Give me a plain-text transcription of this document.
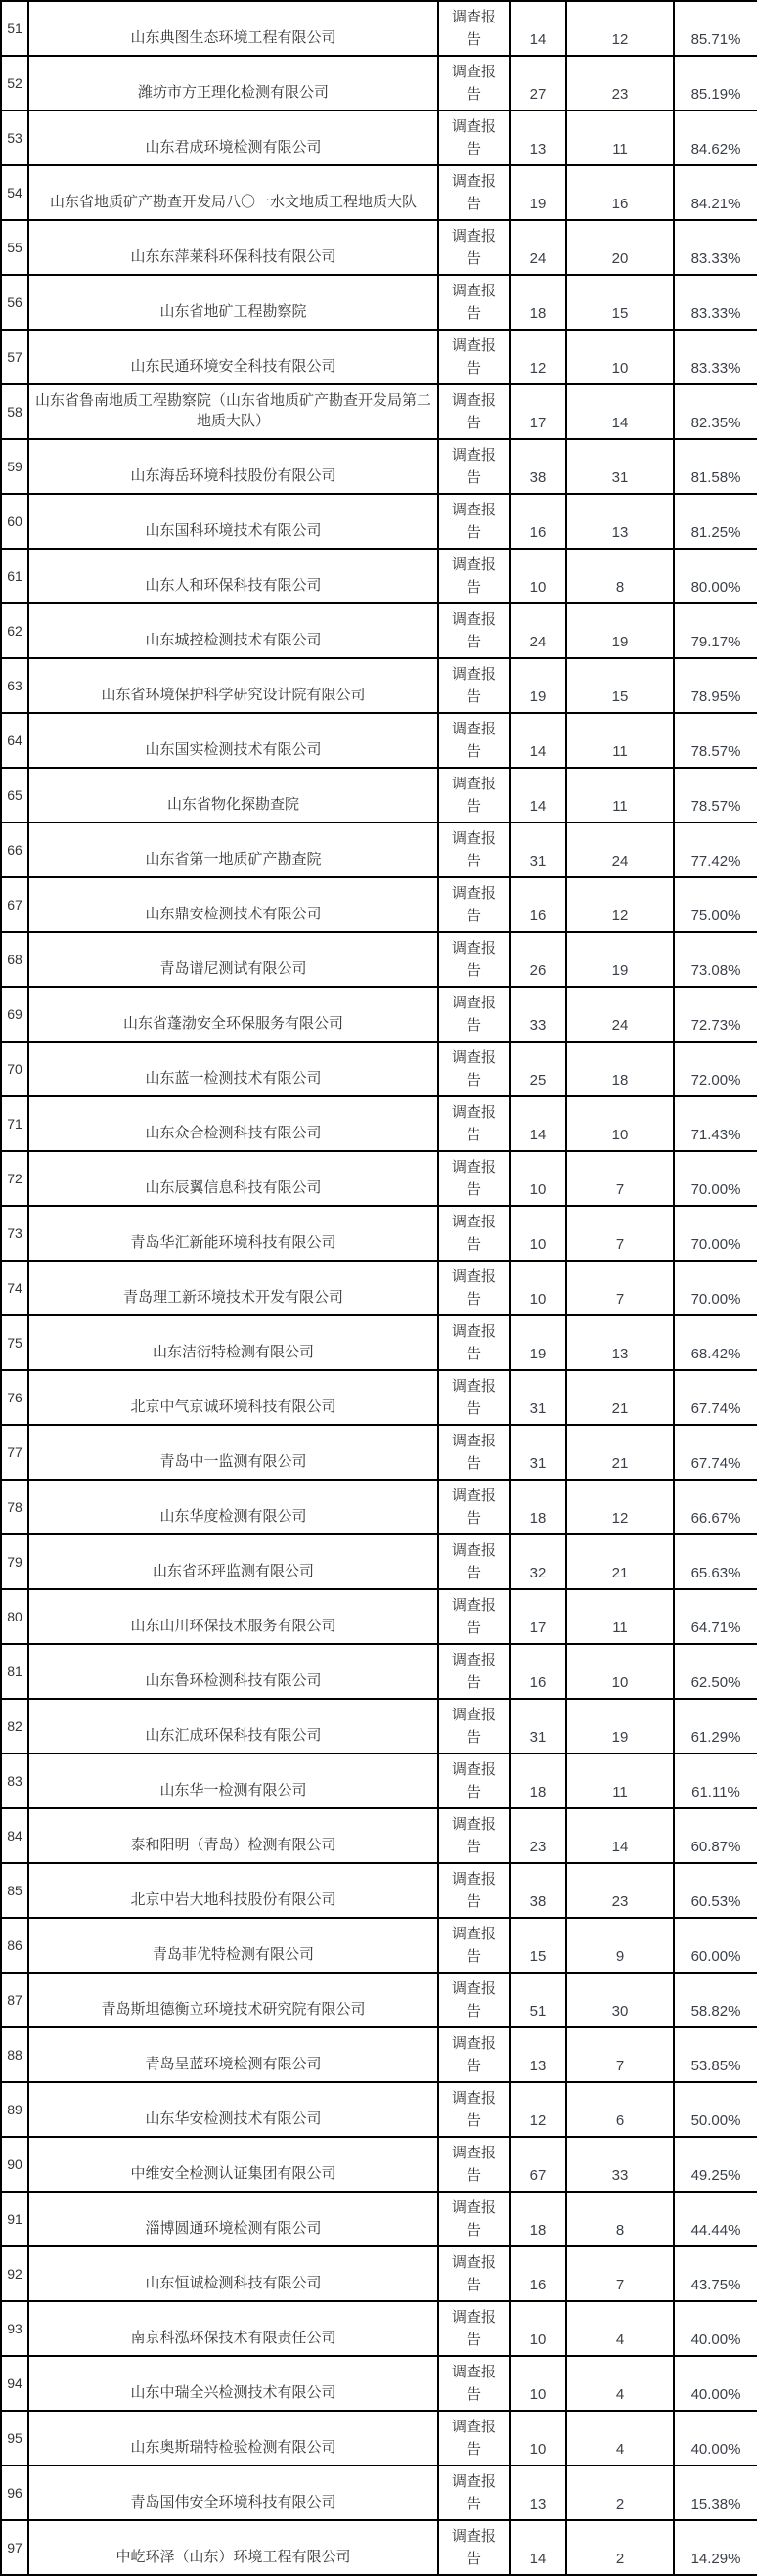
51	山东典图生态环境工程有限公司	调查报告	14	12	85.71%
52	潍坊市方正理化检测有限公司	调查报告	27	23	85.19%
53	山东君成环境检测有限公司	调查报告	13	11	84.62%
54	山东省地质矿产勘查开发局八〇一水文地质工程地质大队	调查报告	19	16	84.21%
55	山东东萍莱科环保科技有限公司	调查报告	24	20	83.33%
56	山东省地矿工程勘察院	调查报告	18	15	83.33%
57	山东民通环境安全科技有限公司	调查报告	12	10	83.33%
58	山东省鲁南地质工程勘察院（山东省地质矿产勘查开发局第二地质大队）	调查报告	17	14	82.35%
59	山东海岳环境科技股份有限公司	调查报告	38	31	81.58%
60	山东国科环境技术有限公司	调查报告	16	13	81.25%
61	山东人和环保科技有限公司	调查报告	10	8	80.00%
62	山东城控检测技术有限公司	调查报告	24	19	79.17%
63	山东省环境保护科学研究设计院有限公司	调查报告	19	15	78.95%
64	山东国实检测技术有限公司	调查报告	14	11	78.57%
65	山东省物化探勘查院	调查报告	14	11	78.57%
66	山东省第一地质矿产勘查院	调查报告	31	24	77.42%
67	山东鼎安检测技术有限公司	调查报告	16	12	75.00%
68	青岛谱尼测试有限公司	调查报告	26	19	73.08%
69	山东省蓬渤安全环保服务有限公司	调查报告	33	24	72.73%
70	山东蓝一检测技术有限公司	调查报告	25	18	72.00%
71	山东众合检测科技有限公司	调查报告	14	10	71.43%
72	山东辰翼信息科技有限公司	调查报告	10	7	70.00%
73	青岛华汇新能环境科技有限公司	调查报告	10	7	70.00%
74	青岛理工新环境技术开发有限公司	调查报告	10	7	70.00%
75	山东洁衍特检测有限公司	调查报告	19	13	68.42%
76	北京中气京诚环境科技有限公司	调查报告	31	21	67.74%
77	青岛中一监测有限公司	调查报告	31	21	67.74%
78	山东华度检测有限公司	调查报告	18	12	66.67%
79	山东省环玶监测有限公司	调查报告	32	21	65.63%
80	山东山川环保技术服务有限公司	调查报告	17	11	64.71%
81	山东鲁环检测科技有限公司	调查报告	16	10	62.50%
82	山东汇成环保科技有限公司	调查报告	31	19	61.29%
83	山东华一检测有限公司	调查报告	18	11	61.11%
84	泰和阳明（青岛）检测有限公司	调查报告	23	14	60.87%
85	北京中岩大地科技股份有限公司	调查报告	38	23	60.53%
86	青岛菲优特检测有限公司	调查报告	15	9	60.00%
87	青岛斯坦德衡立环境技术研究院有限公司	调查报告	51	30	58.82%
88	青岛呈蓝环境检测有限公司	调查报告	13	7	53.85%
89	山东华安检测技术有限公司	调查报告	12	6	50.00%
90	中维安全检测认证集团有限公司	调查报告	67	33	49.25%
91	淄博圆通环境检测有限公司	调查报告	18	8	44.44%
92	山东恒诚检测科技有限公司	调查报告	16	7	43.75%
93	南京科泓环保技术有限责任公司	调查报告	10	4	40.00%
94	山东中瑞全兴检测技术有限公司	调查报告	10	4	40.00%
95	山东奥斯瑞特检验检测有限公司	调查报告	10	4	40.00%
96	青岛国伟安全环境科技有限公司	调查报告	13	2	15.38%
97	中屹环泽（山东）环境工程有限公司	调查报告	14	2	14.29%
